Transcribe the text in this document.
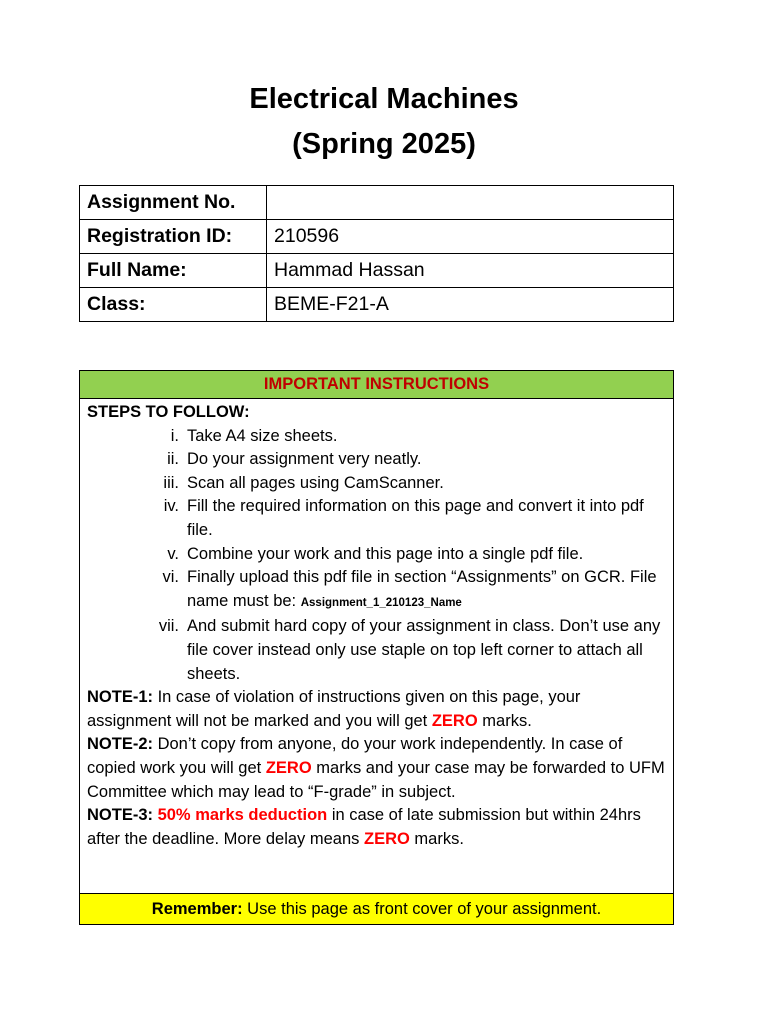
Electrical Machines
(Spring 2025)
Assignment No.	
Registration ID:	210596
Full Name:	Hammad Hassan
Class:	BEME-F21-A
IMPORTANT INSTRUCTIONS
STEPS TO FOLLOW:
i. Take A4 size sheets.
ii. Do your assignment very neatly.
iii. Scan all pages using CamScanner.
iv. Fill the required information on this page and convert it into pdf file.
v. Combine your work and this page into a single pdf file.
vi. Finally upload this pdf file in section “Assignments” on GCR. File name must be: Assignment_1_210123_Name
vii. And submit hard copy of your assignment in class. Don’t use any file cover instead only use staple on top left corner to attach all sheets.
NOTE-1: In case of violation of instructions given on this page, your assignment will not be marked and you will get ZERO marks.
NOTE-2: Don’t copy from anyone, do your work independently. In case of copied work you will get ZERO marks and your case may be forwarded to UFM Committee which may lead to “F-grade” in subject.
NOTE-3: 50% marks deduction in case of late submission but within 24hrs after the deadline. More delay means ZERO marks.
Remember: Use this page as front cover of your assignment.
